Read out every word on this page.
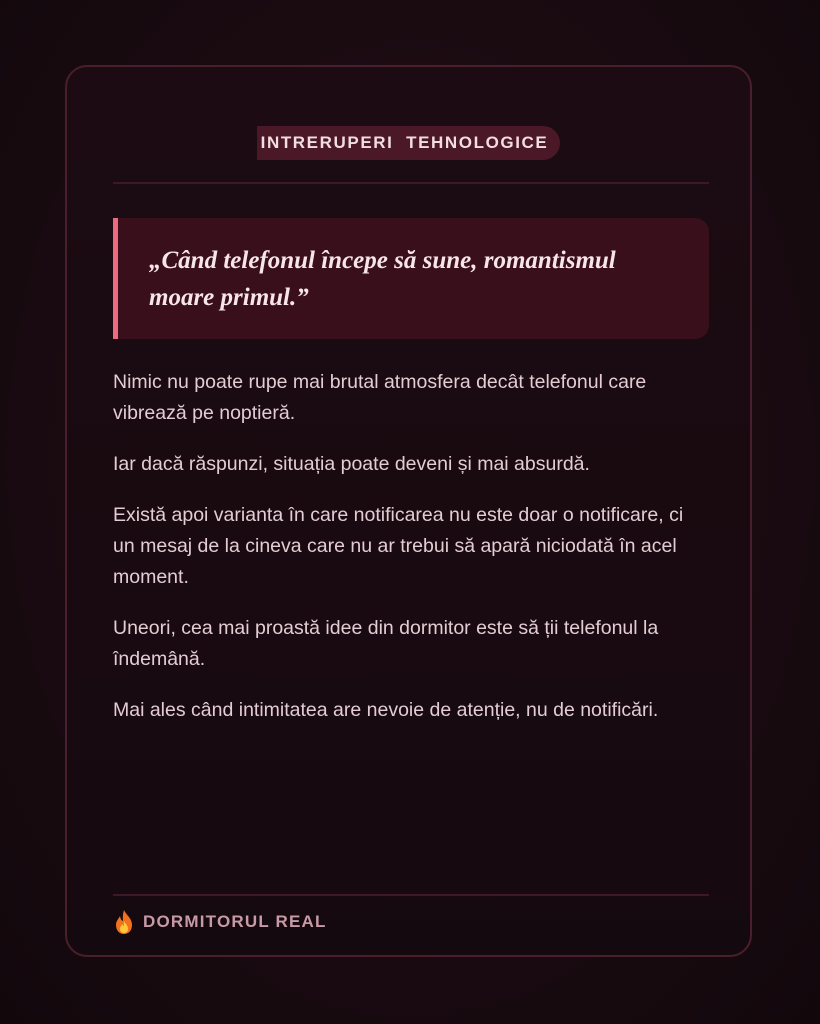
INTRERUPERI  TEHNOLOGICE

„Când telefonul începe să sune, romantismul moare primul.”

Nimic nu poate rupe mai brutal atmosfera decât telefonul care vibrează pe noptieră.

Iar dacă răspunzi, situația poate deveni și mai absurdă.

Există apoi varianta în care notificarea nu este doar o notificare, ci un mesaj de la cineva care nu ar trebui să apară niciodată în acel moment.

Uneori, cea mai proastă idee din dormitor este să ții telefonul la îndemână.

Mai ales când intimitatea are nevoie de atenție, nu de notificări.

DORMITORUL REAL
